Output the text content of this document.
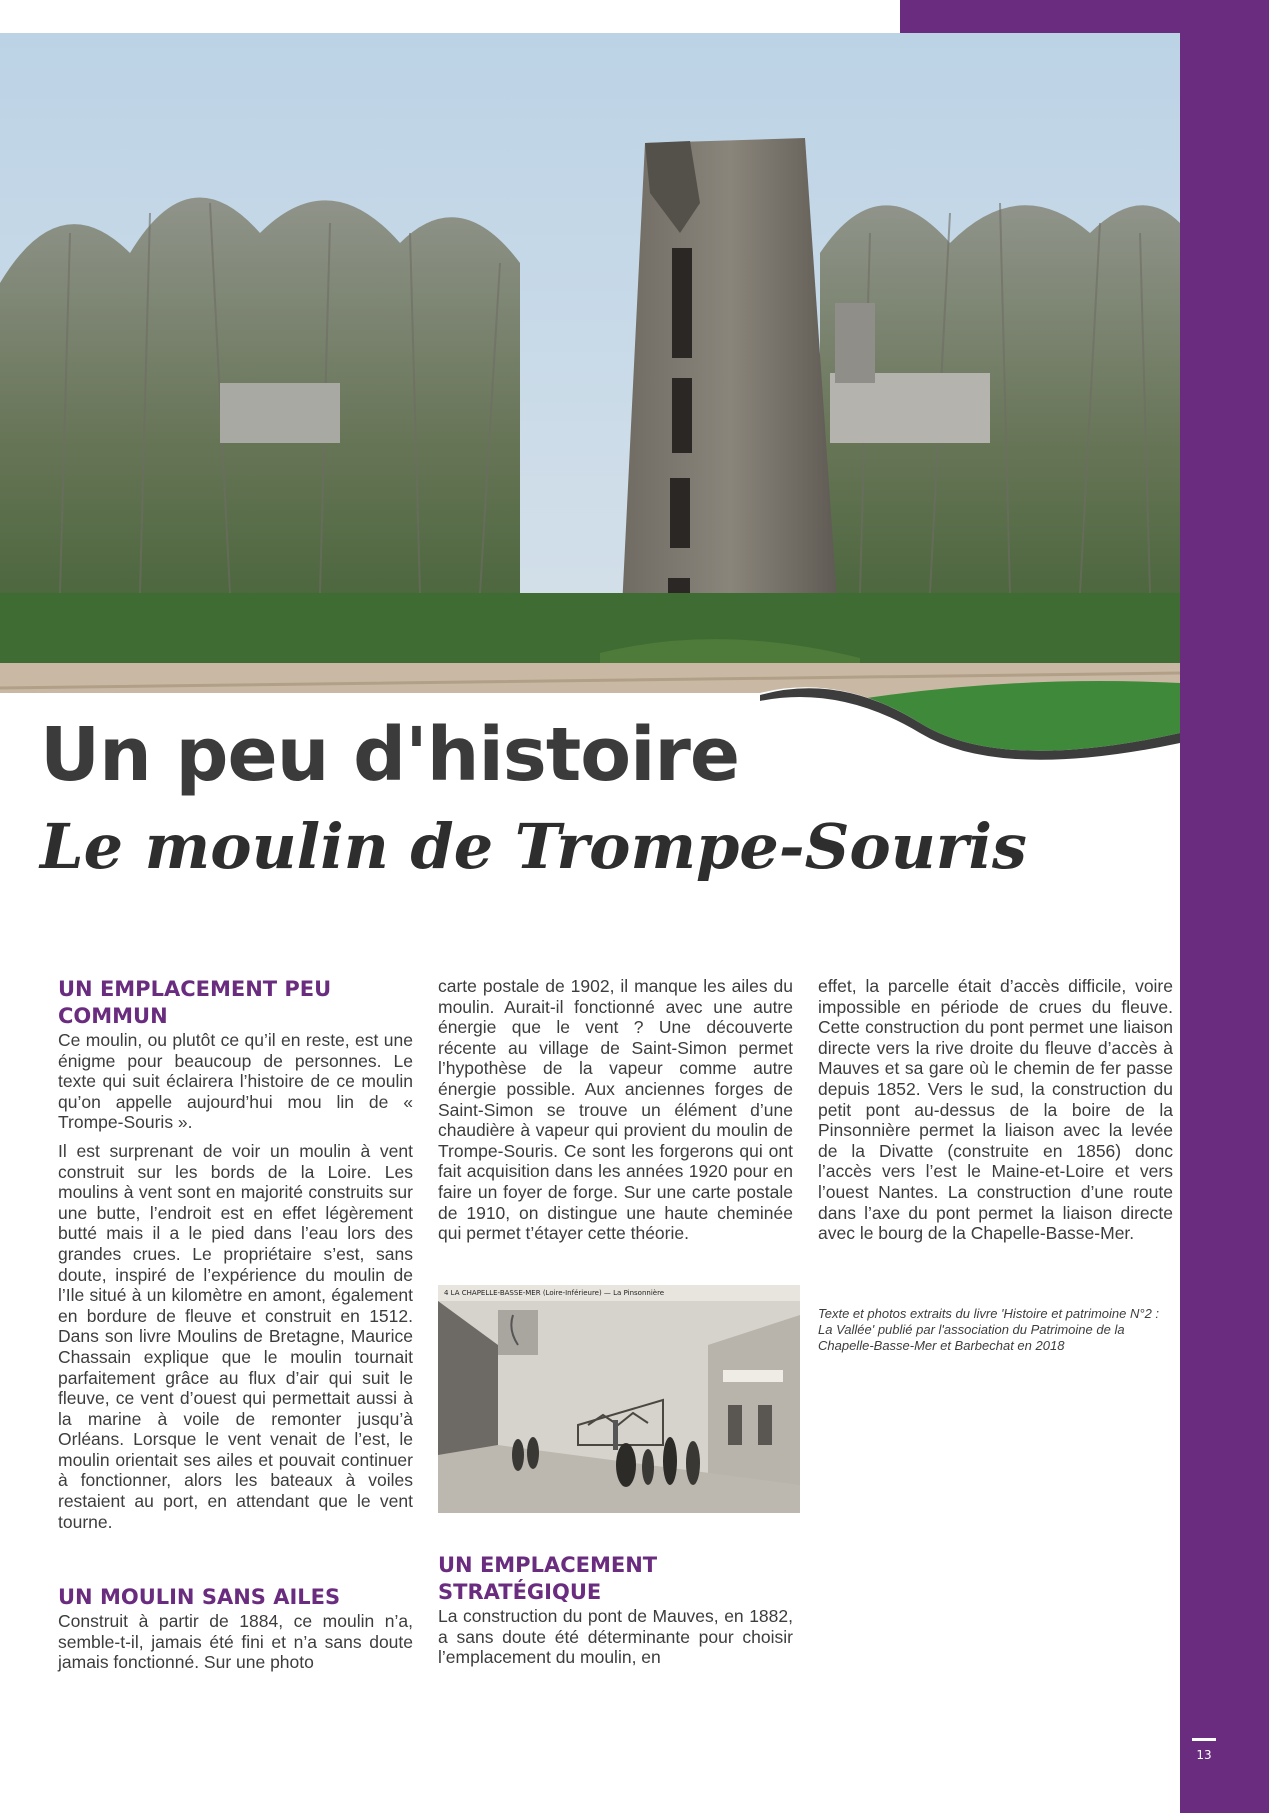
Un peu d'histoire
Le moulin de Trompe-Souris
UN EMPLACEMENT PEU COMMUN

Ce moulin, ou plutôt ce qu’il en reste, est une énigme pour beaucoup de personnes. Le texte qui suit éclairera l’histoire de ce moulin qu’on appelle aujourd’hui mou lin de « Trompe-Souris ».

Il est surprenant de voir un moulin à vent construit sur les bords de la Loire. Les moulins à vent sont en majorité construits sur une butte, l’endroit est en effet légèrement butté mais il a le pied dans l’eau lors des grandes crues. Le propriétaire s’est, sans doute, inspiré de l’expérience du moulin de l’Ile situé à un kilomètre en amont, également en bordure de fleuve et construit en 1512. Dans son livre Moulins de Bretagne, Maurice Chassain explique que le moulin tournait parfaitement grâce au flux d’air qui suit le fleuve, ce vent d’ouest qui permettait aussi à la marine à voile de remonter jusqu’à Orléans. Lorsque le vent venait de l’est, le moulin orientait ses ailes et pouvait continuer à fonctionner, alors les bateaux à voiles restaient au port, en attendant que le vent tourne.

UN MOULIN SANS AILES

Construit à partir de 1884, ce moulin n’a, semble-t-il, jamais été fini et n’a sans doute jamais fonctionné. Sur une photo

carte postale de 1902, il manque les ailes du moulin. Aurait-il fonctionné avec une autre énergie que le vent ? Une découverte récente au village de Saint-Simon permet l’hypothèse de la vapeur comme autre énergie possible. Aux anciennes forges de Saint-Simon se trouve un élément d’une chaudière à vapeur qui provient du moulin de Trompe-Souris. Ce sont les forgerons qui ont fait acquisition dans les années 1920 pour en faire un foyer de forge. Sur une carte postale de 1910, on distingue une haute cheminée qui permet t’étayer cette théorie.

4 LA CHAPELLE-BASSE-MER (Loire-Inférieure) — La Pinsonnière
UN EMPLACEMENT STRATÉGIQUE

La construction du pont de Mauves, en 1882, a sans doute été déterminante pour choisir l’emplacement du moulin, en

effet, la parcelle était d’accès difficile, voire impossible en période de crues du fleuve. Cette construction du pont permet une liaison directe vers la rive droite du fleuve d’accès à Mauves et sa gare où le chemin de fer passe depuis 1852. Vers le sud, la construction du petit pont au-dessus de la boire de la Pinsonnière permet la liaison avec la levée de la Divatte (construite en 1856) donc l’accès vers l’est le Maine-et-Loire et vers l’ouest Nantes. La construction d’une route dans l’axe du pont permet la liaison directe avec le bourg de la Chapelle-Basse-Mer.

Texte et photos extraits du livre 'Histoire et patrimoine N°2 : La Vallée' publié par l'association du Patrimoine de la Chapelle-Basse-Mer et Barbechat en 2018

13
